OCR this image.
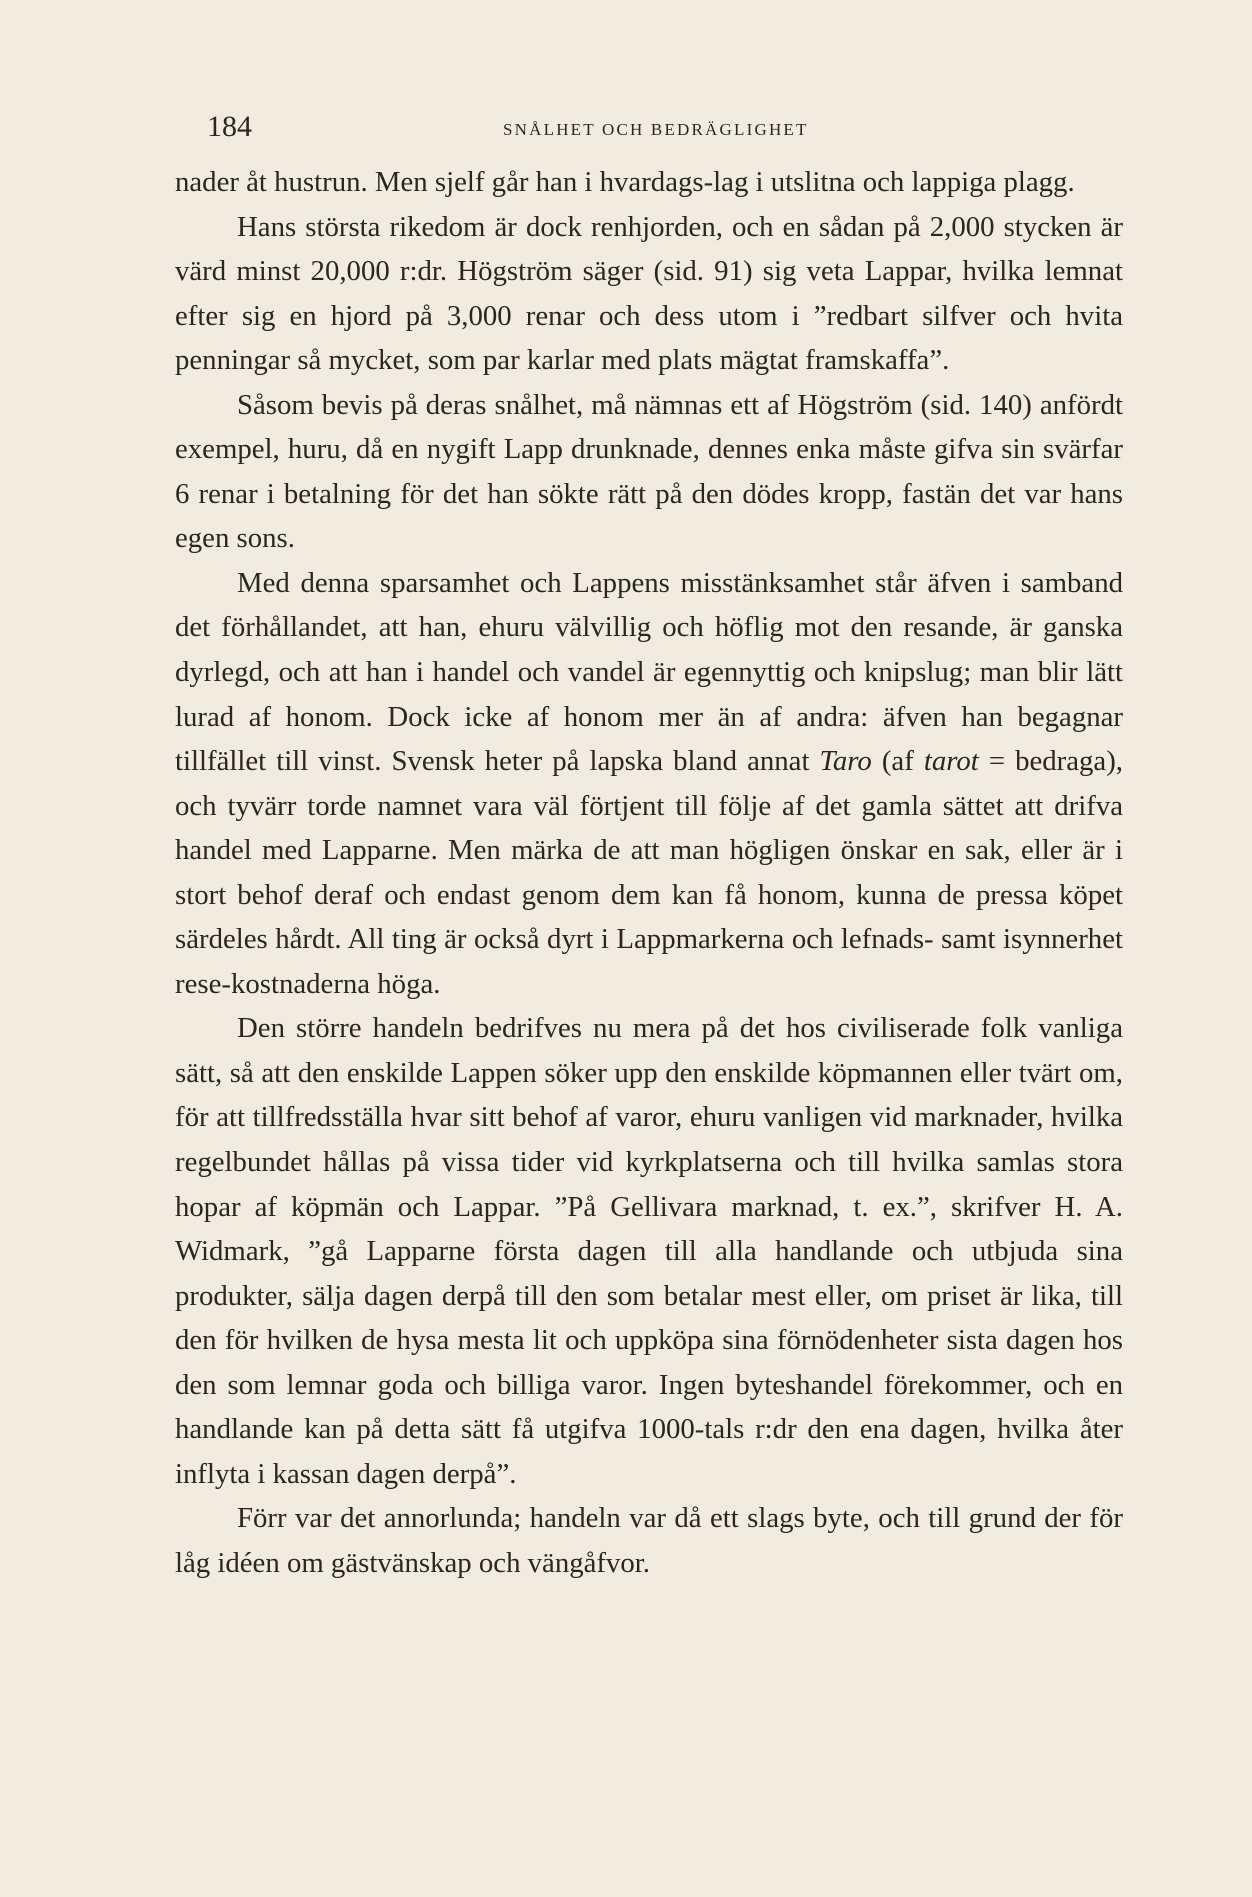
184	SNÅLHET OCH BEDRÄGLIGHET

nader åt hustrun. Men sjelf går han i hvardags-lag i utslitna och lappiga plagg.

Hans största rikedom är dock renhjorden, och en sådan på 2,000 stycken är värd minst 20,000 r:dr. Högström säger (sid. 91) sig veta Lappar, hvilka lemnat efter sig en hjord på 3,000 renar och dess utom i ”redbart silfver och hvita penningar så mycket, som par karlar med plats mägtat framskaffa”.

Såsom bevis på deras snålhet, må nämnas ett af Högström (sid. 140) anfördt exempel, huru, då en nygift Lapp drunknade, dennes enka måste gifva sin svärfar 6 renar i betalning för det han sökte rätt på den dödes kropp, fastän det var hans egen sons.

Med denna sparsamhet och Lappens misstänksamhet står äfven i samband det förhållandet, att han, ehuru välvillig och höflig mot den resande, är ganska dyrlegd, och att han i handel och vandel är egennyttig och knipslug; man blir lätt lurad af honom. Dock icke af honom mer än af andra: äfven han begagnar tillfället till vinst. Svensk heter på lapska bland annat Taro (af tarot = bedraga), och tyvärr torde namnet vara väl förtjent till följe af det gamla sättet att drifva handel med Lapparne. Men märka de att man högligen önskar en sak, eller är i stort behof deraf och endast genom dem kan få honom, kunna de pressa köpet särdeles hårdt. All ting är också dyrt i Lappmarkerna och lefnads- samt isynnerhet rese-kostnaderna höga.

Den större handeln bedrifves nu mera på det hos civiliserade folk vanliga sätt, så att den enskilde Lappen söker upp den enskilde köpmannen eller tvärt om, för att tillfredsställa hvar sitt behof af varor, ehuru vanligen vid marknader, hvilka regelbundet hållas på vissa tider vid kyrkplatserna och till hvilka samlas stora hopar af köpmän och Lappar. ”På Gellivara marknad, t. ex.”, skrifver H. A. Widmark, ”gå Lapparne första dagen till alla handlande och utbjuda sina produkter, sälja dagen derpå till den som betalar mest eller, om priset är lika, till den för hvilken de hysa mesta lit och uppköpa sina förnödenheter sista dagen hos den som lemnar goda och billiga varor. Ingen byteshandel förekommer, och en handlande kan på detta sätt få utgifva 1000-tals r:dr den ena dagen, hvilka åter inflyta i kassan dagen derpå”.

Förr var det annorlunda; handeln var då ett slags byte, och till grund der för låg idéen om gästvänskap och vängåfvor.
